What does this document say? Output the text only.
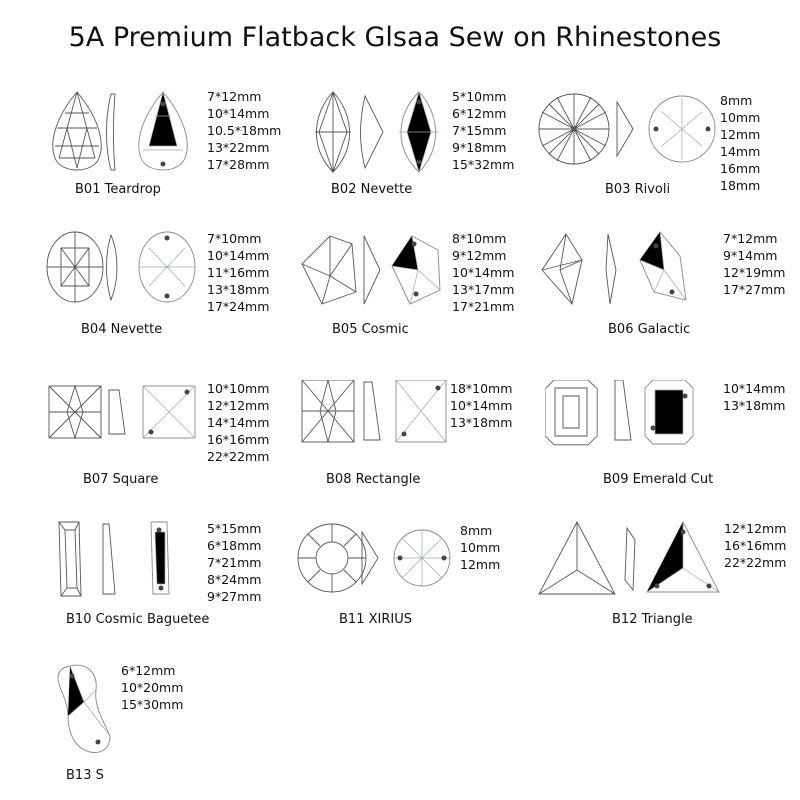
5A Premium Flatback Glsaa Sew on Rhinestones
7*12mm
10*14mm
10.5*18mm
13*22mm
17*28mm
B01 Teardrop
5*10mm
6*12mm
7*15mm
9*18mm
15*32mm
B02 Nevette
8mm
10mm
12mm
14mm
16mm
18mm
B03 Rivoli
7*10mm
10*14mm
11*16mm
13*18mm
17*24mm
B04 Nevette
8*10mm
9*12mm
10*14mm
13*17mm
17*21mm
B05 Cosmic
7*12mm
9*14mm
12*19mm
17*27mm
B06 Galactic
10*10mm
12*12mm
14*14mm
16*16mm
22*22mm
B07 Square
18*10mm
10*14mm
13*18mm
B08 Rectangle
10*14mm
13*18mm
B09 Emerald Cut
5*15mm
6*18mm
7*21mm
8*24mm
9*27mm
B10 Cosmic Baguetee
8mm
10mm
12mm
B11 XIRIUS
12*12mm
16*16mm
22*22mm
B12 Triangle
6*12mm
10*20mm
15*30mm
B13 S
